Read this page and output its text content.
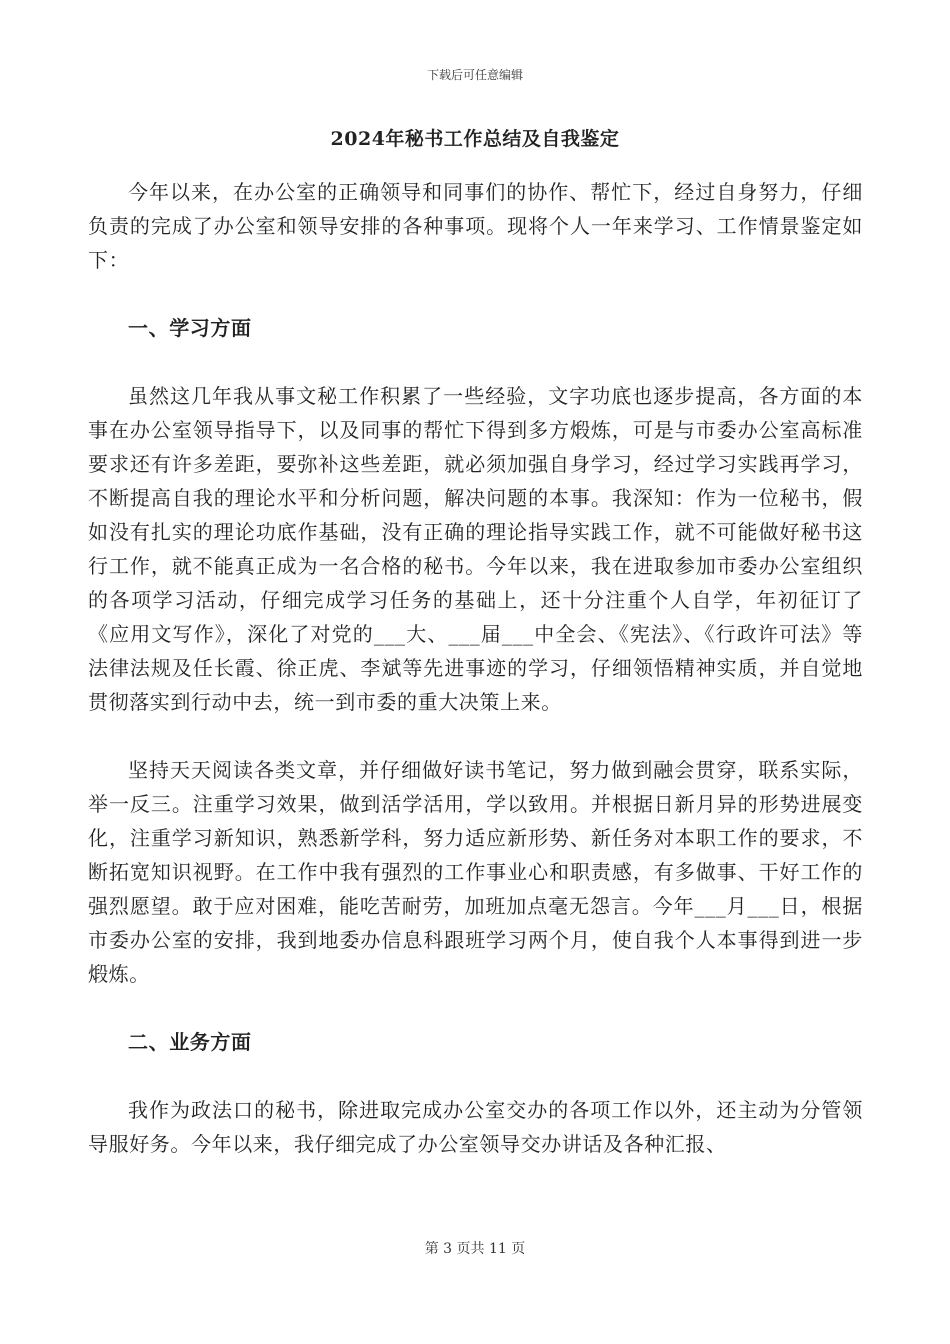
下载后可任意编辑
2024年秘书工作总结及自我鉴定

今年以来，在办公室的正确领导和同事们的协作、帮忙下，经过自身努力，仔细负责的完成了办公室和领导安排的各种事项。现将个人一年来学习、工作情景鉴定如下：

一、学习方面

虽然这几年我从事文秘工作积累了一些经验，文字功底也逐步提高，各方面的本事在办公室领导指导下，以及同事的帮忙下得到多方煅炼，可是与市委办公室高标准要求还有许多差距，要弥补这些差距，就必须加强自身学习，经过学习实践再学习，不断提高自我的理论水平和分析问题，解决问题的本事。我深知：作为一位秘书，假如没有扎实的理论功底作基础，没有正确的理论指导实践工作，就不可能做好秘书这行工作，就不能真正成为一名合格的秘书。今年以来，我在进取参加市委办公室组织的各项学习活动，仔细完成学习任务的基础上，还十分注重个人自学，年初征订了《应用文写作》，深化了对党的___大、___届___中全会、《宪法》、《行政许可法》等法律法规及任长霞、徐正虎、李斌等先进事迹的学习，仔细领悟精神实质，并自觉地贯彻落实到行动中去，统一到市委的重大决策上来。

坚持天天阅读各类文章，并仔细做好读书笔记，努力做到融会贯穿，联系实际，举一反三。注重学习效果，做到活学活用，学以致用。并根据日新月异的形势进展变化，注重学习新知识，熟悉新学科，努力适应新形势、新任务对本职工作的要求，不断拓宽知识视野。在工作中我有强烈的工作事业心和职责感，有多做事、干好工作的强烈愿望。敢于应对困难，能吃苦耐劳，加班加点毫无怨言。今年___月___日，根据市委办公室的安排，我到地委办信息科跟班学习两个月，使自我个人本事得到进一步煅炼。

二、业务方面

我作为政法口的秘书，除进取完成办公室交办的各项工作以外，还主动为分管领导服好务。今年以来，我仔细完成了办公室领导交办讲话及各种汇报、

第 3 页共 11 页
